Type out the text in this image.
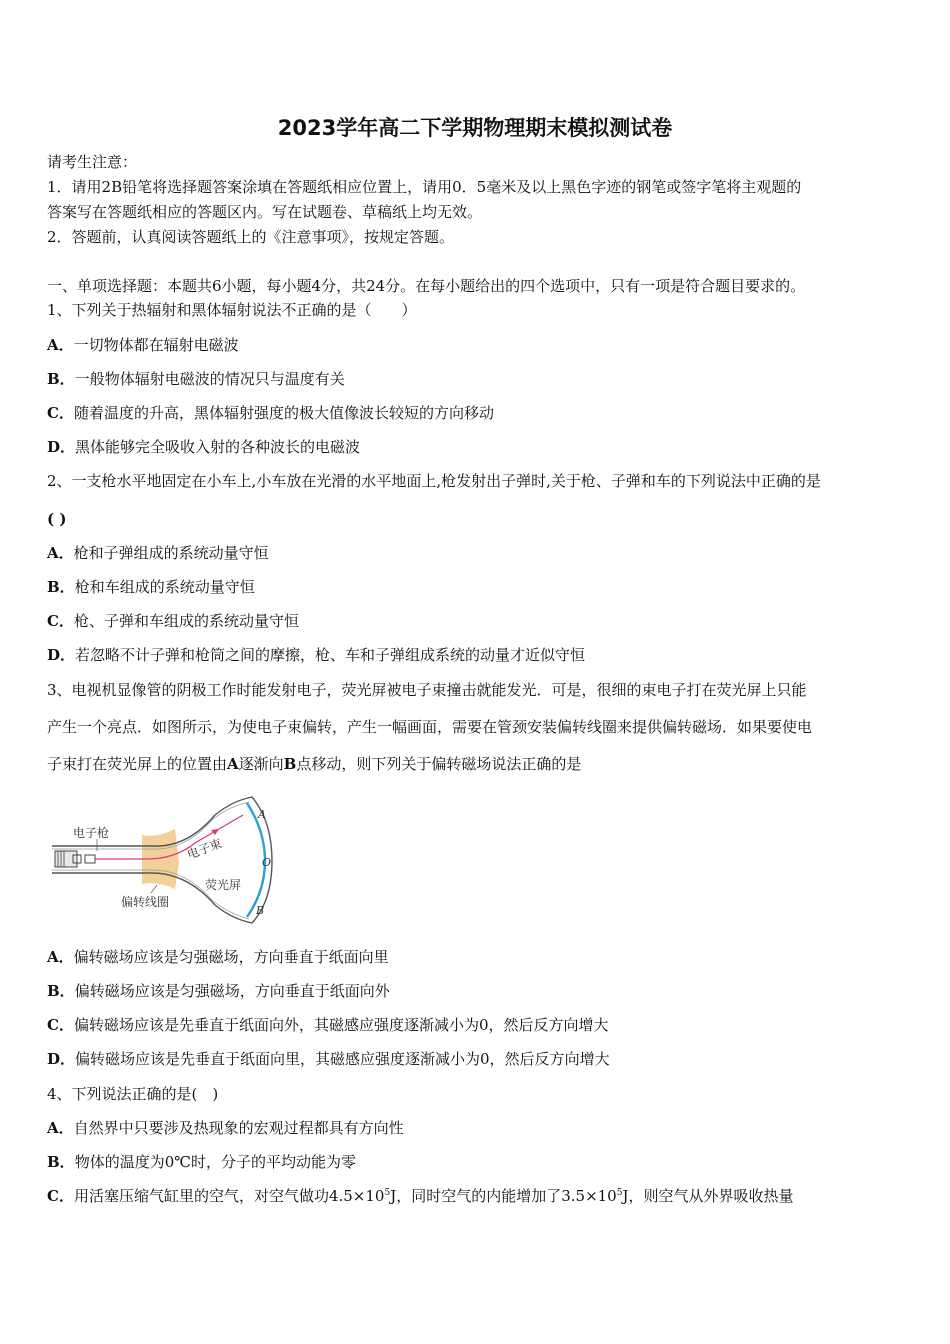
2023学年高二下学期物理期末模拟测试卷
请考生注意：
1．请用2B铅笔将选择题答案涂填在答题纸相应位置上，请用0．5毫米及以上黑色字迹的钢笔或签字笔将主观题的
答案写在答题纸相应的答题区内。写在试题卷、草稿纸上均无效。
2．答题前，认真阅读答题纸上的《注意事项》，按规定答题。
一、单项选择题：本题共6小题，每小题4分，共24分。在每小题给出的四个选项中，只有一项是符合题目要求的。
1、下列关于热辐射和黑体辐射说法不正确的是（　　）
A．一切物体都在辐射电磁波
B．一般物体辐射电磁波的情况只与温度有关
C．随着温度的升高，黑体辐射强度的极大值像波长较短的方向移动
D．黑体能够完全吸收入射的各种波长的电磁波
2、一支枪水平地固定在小车上,小车放在光滑的水平地面上,枪发射出子弹时,关于枪、子弹和车的下列说法中正确的是
( )
A．枪和子弹组成的系统动量守恒
B．枪和车组成的系统动量守恒
C．枪、子弹和车组成的系统动量守恒
D．若忽略不计子弹和枪筒之间的摩擦，枪、车和子弹组成系统的动量才近似守恒
3、电视机显像管的阴极工作时能发射电子，荧光屏被电子束撞击就能发光．可是，很细的束电子打在荧光屏上只能
产生一个亮点．如图所示，为使电子束偏转，产生一幅画面，需要在管颈安装偏转线圈来提供偏转磁场．如果要使电
子束打在荧光屏上的位置由A逐渐向B点移动，则下列关于偏转磁场说法正确的是
电子枪
电子束
荧光屏
偏转线圈
A
O
B
A．偏转磁场应该是匀强磁场，方向垂直于纸面向里
B．偏转磁场应该是匀强磁场，方向垂直于纸面向外
C．偏转磁场应该是先垂直于纸面向外，其磁感应强度逐渐减小为0，然后反方向增大
D．偏转磁场应该是先垂直于纸面向里，其磁感应强度逐渐减小为0，然后反方向增大
4、下列说法正确的是(　)
A．自然界中只要涉及热现象的宏观过程都具有方向性
B．物体的温度为0℃时，分子的平均动能为零
C．用活塞压缩气缸里的空气，对空气做功$4.5\times 10^5J$，同时空气的内能增加了$3.5\times 10^5J$，则空气从外界吸收热量
